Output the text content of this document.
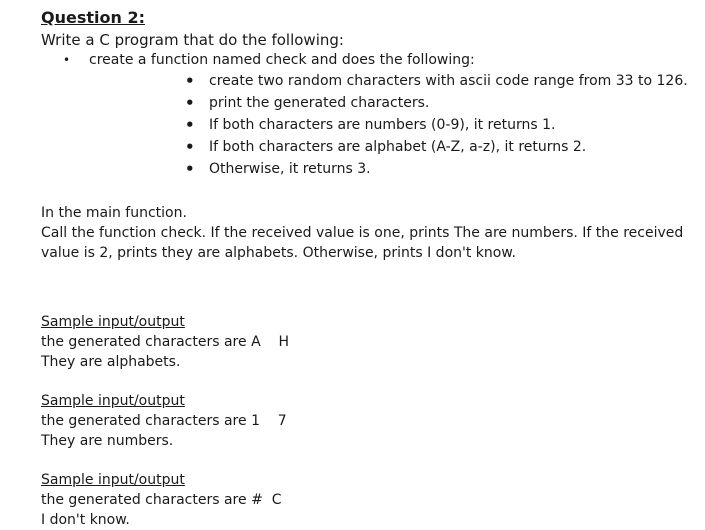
Question 2:
Write a C program that do the following:
• create a function named check and does the following:
• create two random characters with ascii code range from 33 to 126.
• print the generated characters.
• If both characters are numbers (0-9), it returns 1.
• If both characters are alphabet (A-Z, a-z), it returns 2.
• Otherwise, it returns 3.

In the main function.

Call the function check. If the received value is one, prints The are numbers. If the received value is 2, prints they are alphabets. Otherwise, prints I don't know.

Sample input/output
the generated characters are A    H
They are alphabets.
Sample input/output
the generated characters are 1    7
They are numbers.
Sample input/output
the generated characters are #  C
I don't know.
